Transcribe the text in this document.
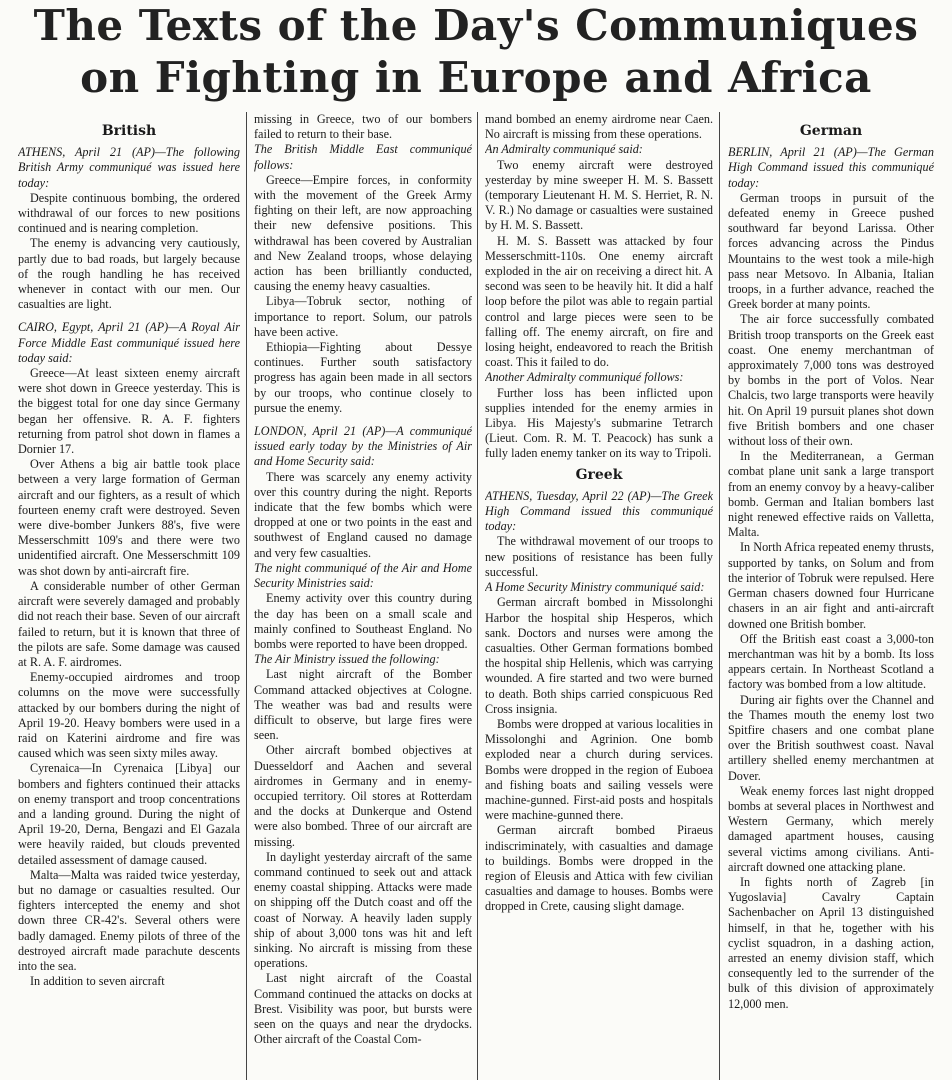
The Texts of the Day's Communiques
on Fighting in Europe and Africa
British

ATHENS, April 21 (AP)—The following British Army communiqué was issued here today:

Despite continuous bombing, the ordered withdrawal of our forces to new positions continued and is nearing completion.

The enemy is advancing very cautiously, partly due to bad roads, but largely because of the rough handling he has received whenever in contact with our men. Our casualties are light.

CAIRO, Egypt, April 21 (AP)—A Royal Air Force Middle East communiqué issued here today said:

Greece—At least sixteen enemy aircraft were shot down in Greece yesterday. This is the biggest total for one day since Germany began her offensive. R. A. F. fighters returning from patrol shot down in flames a Dornier 17.

Over Athens a big air battle took place between a very large formation of German aircraft and our fighters, as a result of which fourteen enemy craft were destroyed. Seven were dive-bomber Junkers 88's, five were Messerschmitt 109's and there were two unidentified aircraft. One Messerschmitt 109 was shot down by anti-aircraft fire.

A considerable number of other German aircraft were severely damaged and probably did not reach their base. Seven of our aircraft failed to return, but it is known that three of the pilots are safe. Some damage was caused at R. A. F. airdromes.

Enemy-occupied airdromes and troop columns on the move were successfully attacked by our bombers during the night of April 19-20. Heavy bombers were used in a raid on Katerini airdrome and fire was caused which was seen sixty miles away.

Cyrenaica—In Cyrenaica [Libya] our bombers and fighters continued their attacks on enemy transport and troop concentrations and a landing ground. During the night of April 19-20, Derna, Bengazi and El Gazala were heavily raided, but clouds prevented detailed assessment of damage caused.

Malta—Malta was raided twice yesterday, but no damage or casualties resulted. Our fighters intercepted the enemy and shot down three CR-42's. Several others were badly damaged. Enemy pilots of three of the destroyed aircraft made parachute descents into the sea.

In addition to seven aircraft

missing in Greece, two of our bombers failed to return to their base.

The British Middle East communiqué follows:

Greece—Empire forces, in conformity with the movement of the Greek Army fighting on their left, are now approaching their new defensive positions. This withdrawal has been covered by Australian and New Zealand troops, whose delaying action has been brilliantly conducted, causing the enemy heavy casualties.

Libya—Tobruk sector, nothing of importance to report. Solum, our patrols have been active.

Ethiopia—Fighting about Dessye continues. Further south satisfactory progress has again been made in all sectors by our troops, who continue closely to pursue the enemy.

LONDON, April 21 (AP)—A communiqué issued early today by the Ministries of Air and Home Security said:

There was scarcely any enemy activity over this country during the night. Reports indicate that the few bombs which were dropped at one or two points in the east and southwest of England caused no damage and very few casualties.

The night communiqué of the Air and Home Security Ministries said:

Enemy activity over this country during the day has been on a small scale and mainly confined to Southeast England. No bombs were reported to have been dropped.

The Air Ministry issued the following:

Last night aircraft of the Bomber Command attacked objectives at Cologne. The weather was bad and results were difficult to observe, but large fires were seen.

Other aircraft bombed objectives at Duesseldorf and Aachen and several airdromes in Germany and in enemy-occupied territory. Oil stores at Rotterdam and the docks at Dunkerque and Ostend were also bombed. Three of our aircraft are missing.

In daylight yesterday aircraft of the same command continued to seek out and attack enemy coastal shipping. Attacks were made on shipping off the Dutch coast and off the coast of Norway. A heavily laden supply ship of about 3,000 tons was hit and left sinking. No aircraft is missing from these operations.

Last night aircraft of the Coastal Command continued the attacks on docks at Brest. Visibility was poor, but bursts were seen on the quays and near the drydocks. Other aircraft of the Coastal Com-

mand bombed an enemy airdrome near Caen. No aircraft is missing from these operations.

An Admiralty communiqué said:

Two enemy aircraft were destroyed yesterday by mine sweeper H. M. S. Bassett (temporary Lieutenant H. M. S. Herriet, R. N. V. R.) No damage or casualties were sustained by H. M. S. Bassett.

H. M. S. Bassett was attacked by four Messerschmitt-110s. One enemy aircraft exploded in the air on receiving a direct hit. A second was seen to be heavily hit. It did a half loop before the pilot was able to regain partial control and large pieces were seen to be falling off. The enemy aircraft, on fire and losing height, endeavored to reach the British coast. This it failed to do.

Another Admiralty communiqué follows:

Further loss has been inflicted upon supplies intended for the enemy armies in Libya. His Majesty's submarine Tetrarch (Lieut. Com. R. M. T. Peacock) has sunk a fully laden enemy tanker on its way to Tripoli.

Greek

ATHENS, Tuesday, April 22 (AP)—The Greek High Command issued this communiqué today:

The withdrawal movement of our troops to new positions of resistance has been fully successful.

A Home Security Ministry communiqué said:

German aircraft bombed in Missolonghi Harbor the hospital ship Hesperos, which sank. Doctors and nurses were among the casualties. Other German formations bombed the hospital ship Hellenis, which was carrying wounded. A fire started and two were burned to death. Both ships carried conspicuous Red Cross insignia.

Bombs were dropped at various localities in Missolonghi and Agrinion. One bomb exploded near a church during services. Bombs were dropped in the region of Euboea and fishing boats and sailing vessels were machine-gunned. First-aid posts and hospitals were machine-gunned there.

German aircraft bombed Piraeus indiscriminately, with casualties and damage to buildings. Bombs were dropped in the region of Eleusis and Attica with few civilian casualties and damage to houses. Bombs were dropped in Crete, causing slight damage.

German

BERLIN, April 21 (AP)—The German High Command issued this communiqué today:

German troops in pursuit of the defeated enemy in Greece pushed southward far beyond Larissa. Other forces advancing across the Pindus Mountains to the west took a mile-high pass near Metsovo. In Albania, Italian troops, in a further advance, reached the Greek border at many points.

The air force successfully combated British troop transports on the Greek east coast. One enemy merchantman of approximately 7,000 tons was destroyed by bombs in the port of Volos. Near Chalcis, two large transports were heavily hit. On April 19 pursuit planes shot down five British bombers and one chaser without loss of their own.

In the Mediterranean, a German combat plane unit sank a large transport from an enemy convoy by a heavy-caliber bomb. German and Italian bombers last night renewed effective raids on Valletta, Malta.

In North Africa repeated enemy thrusts, supported by tanks, on Solum and from the interior of Tobruk were repulsed. Here German chasers downed four Hurricane chasers in an air fight and anti-aircraft downed one British bomber.

Off the British east coast a 3,000-ton merchantman was hit by a bomb. Its loss appears certain. In Northeast Scotland a factory was bombed from a low altitude.

During air fights over the Channel and the Thames mouth the enemy lost two Spitfire chasers and one combat plane over the British southwest coast. Naval artillery shelled enemy merchantmen at Dover.

Weak enemy forces last night dropped bombs at several places in Northwest and Western Germany, which merely damaged apartment houses, causing several victims among civilians. Anti-aircraft downed one attacking plane.

In fights north of Zagreb [in Yugoslavia] Cavalry Captain Sachenbacher on April 13 distinguished himself, in that he, together with his cyclist squadron, in a dashing action, arrested an enemy division staff, which consequently led to the surrender of the bulk of this division of approximately 12,000 men.
